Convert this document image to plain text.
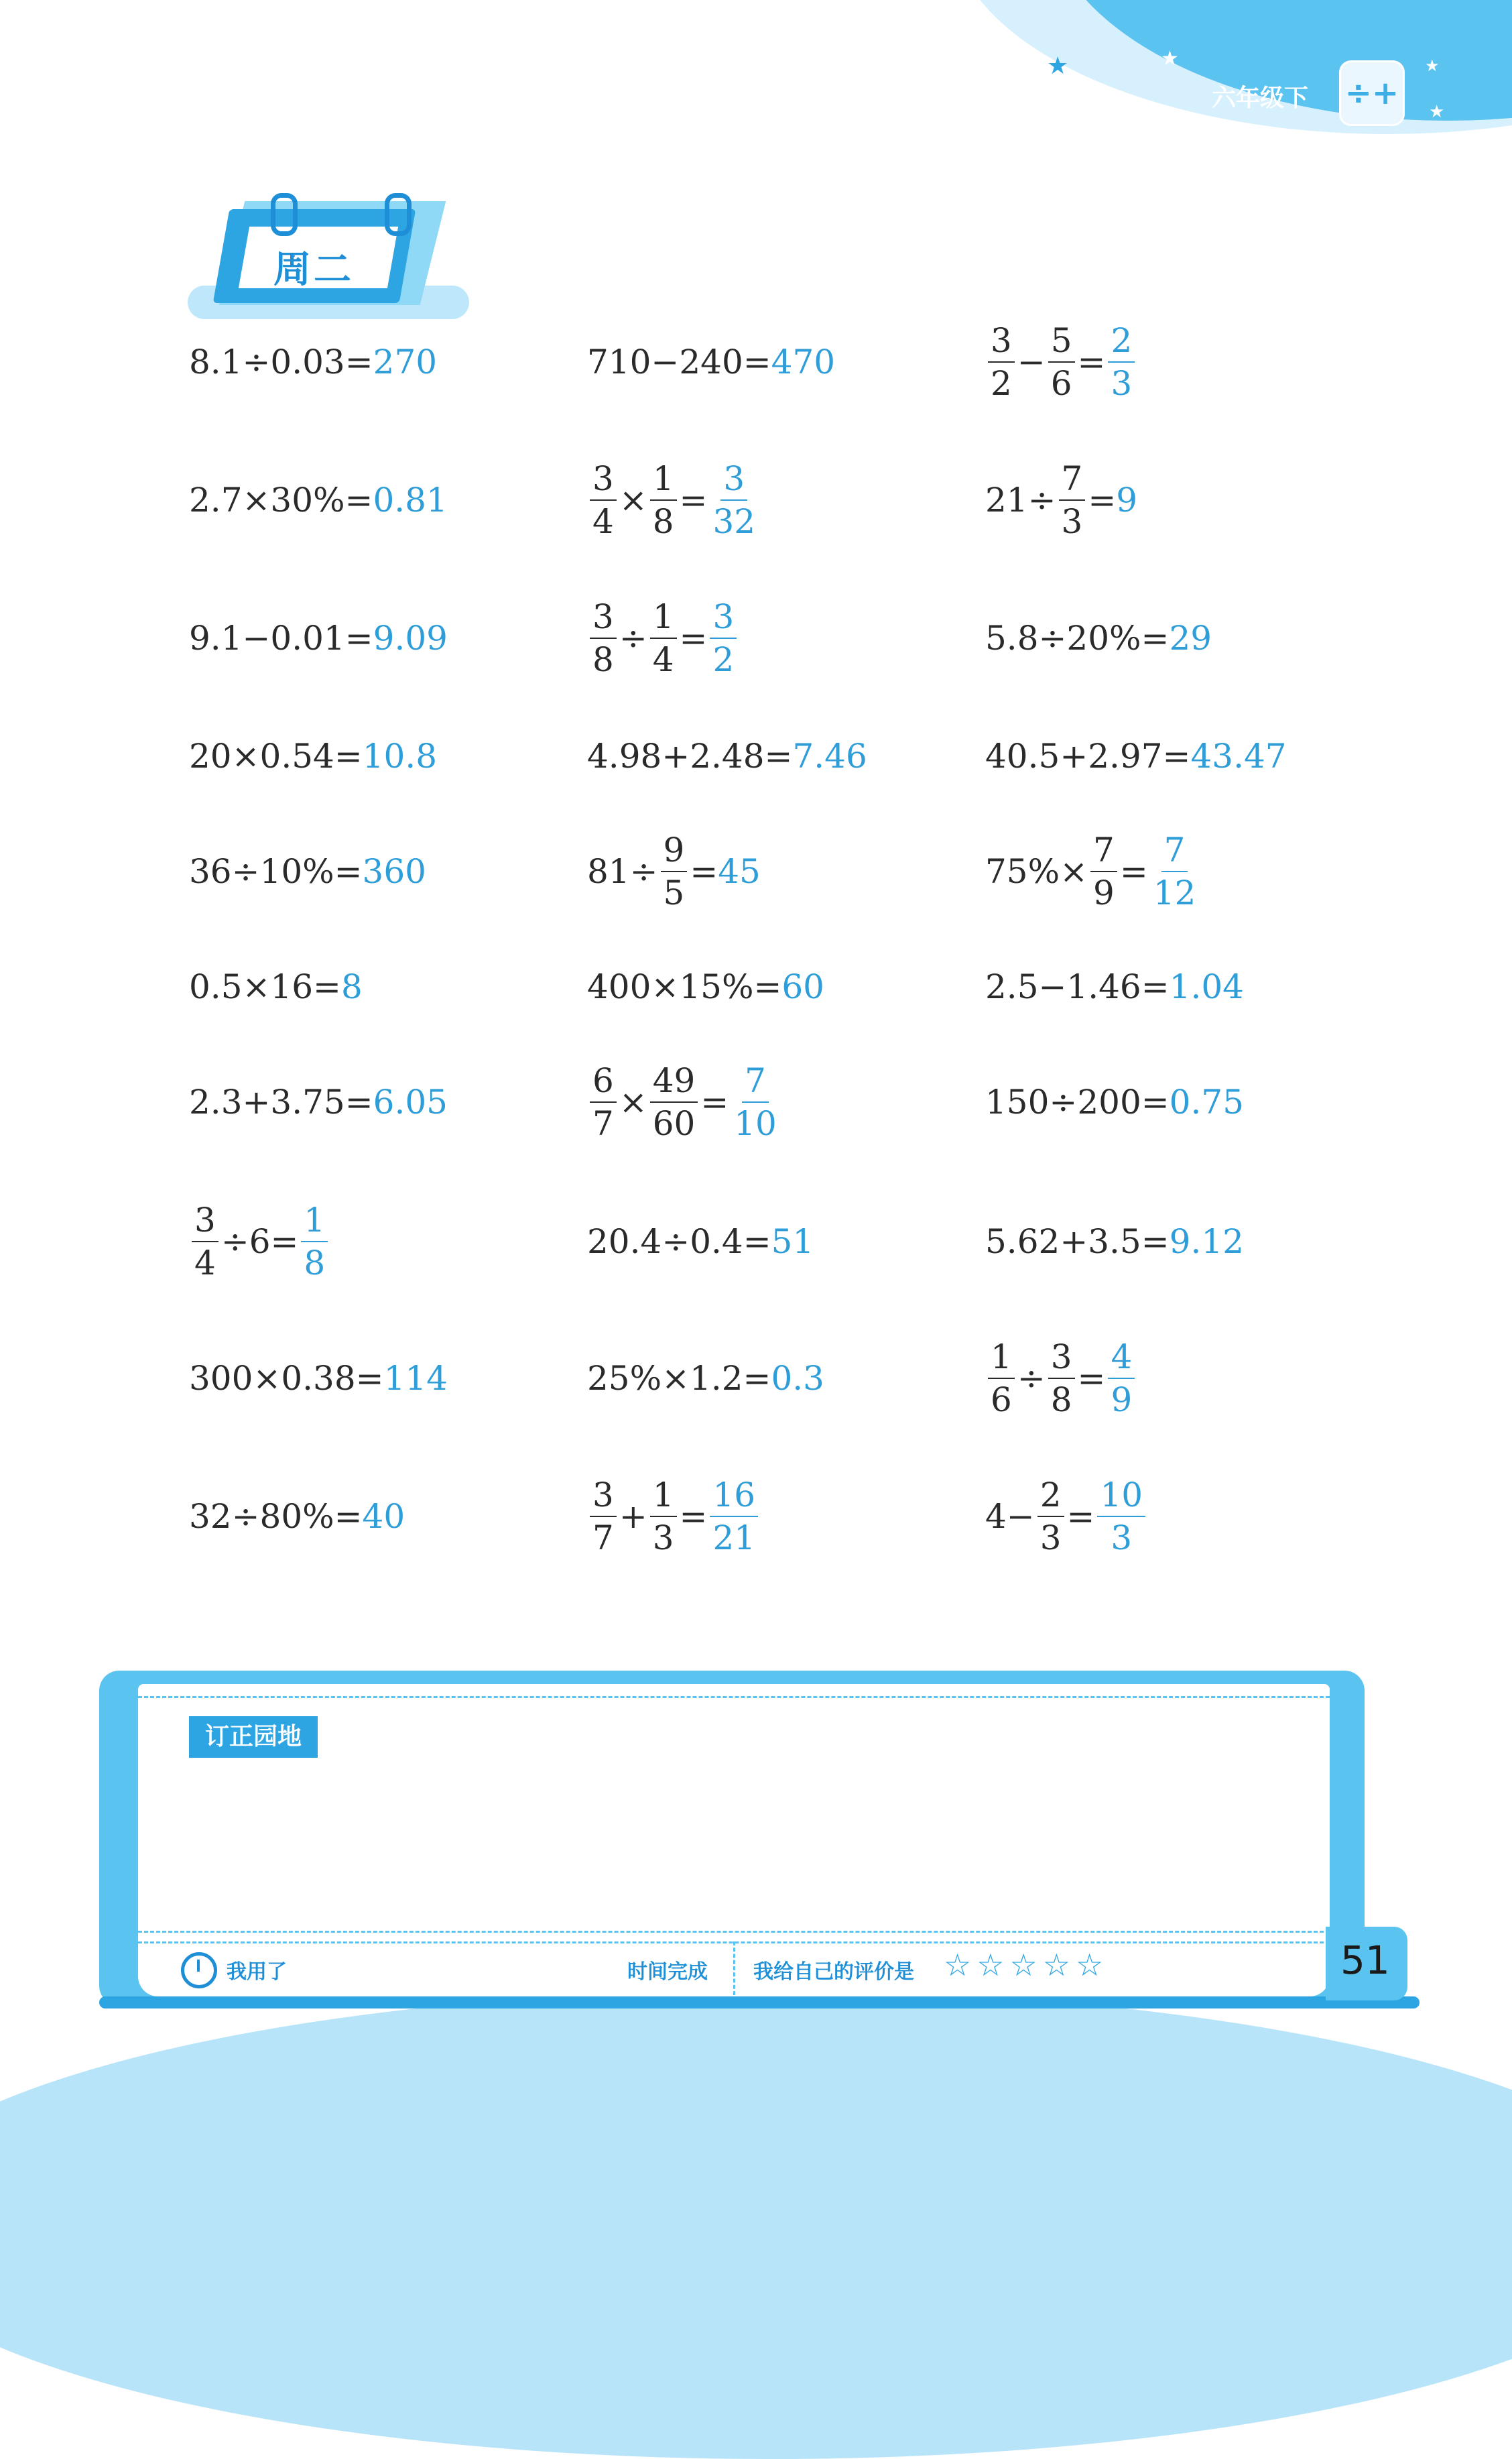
★	★	★
★
六年级下 ÷+
周二
8.1÷0.03= 270	710−240= 470	$\frac{3}{2} - \frac{5}{6} = \frac{2}{3}$
2.7×30%= 0.81	$\frac{3}{4} \times \frac{1}{8} = \frac{3}{32}$	$21\div \frac{7}{3} = 9$
9.1−0.01= 9.09	$\frac{3}{8} \div \frac{1}{4} = \frac{3}{2}$	5.8÷20%= 29
20×0.54= 10.8	4.98+2.48= 7.46	40.5+2.97= 43.47
36÷10%= 360	$81\div \frac{9}{5} = 45$	$75\%\times \frac{7}{9} = \frac{7}{12}$
0.5×16= 8	400×15%= 60	2.5−1.46= 1.04
2.3+3.75= 6.05	$\frac{6}{7} \times \frac{49}{60} = \frac{7}{10}$	150÷200= 0.75
$\frac{3}{4} \div 6= \frac{1}{8}$	20.4÷0.4= 51	5.62+3.5= 9.12
300×0.38= 114	25%×1.2= 0.3	$\frac{1}{6} \div \frac{3}{8} = \frac{4}{9}$
32÷80%= 40	$\frac{3}{7} + \frac{1}{3} = \frac{16}{21}$	$4- \frac{2}{3} = \frac{10}{3}$
订正园地
我用了	时间完成 我给自己的评价是 ☆☆☆☆☆	51
